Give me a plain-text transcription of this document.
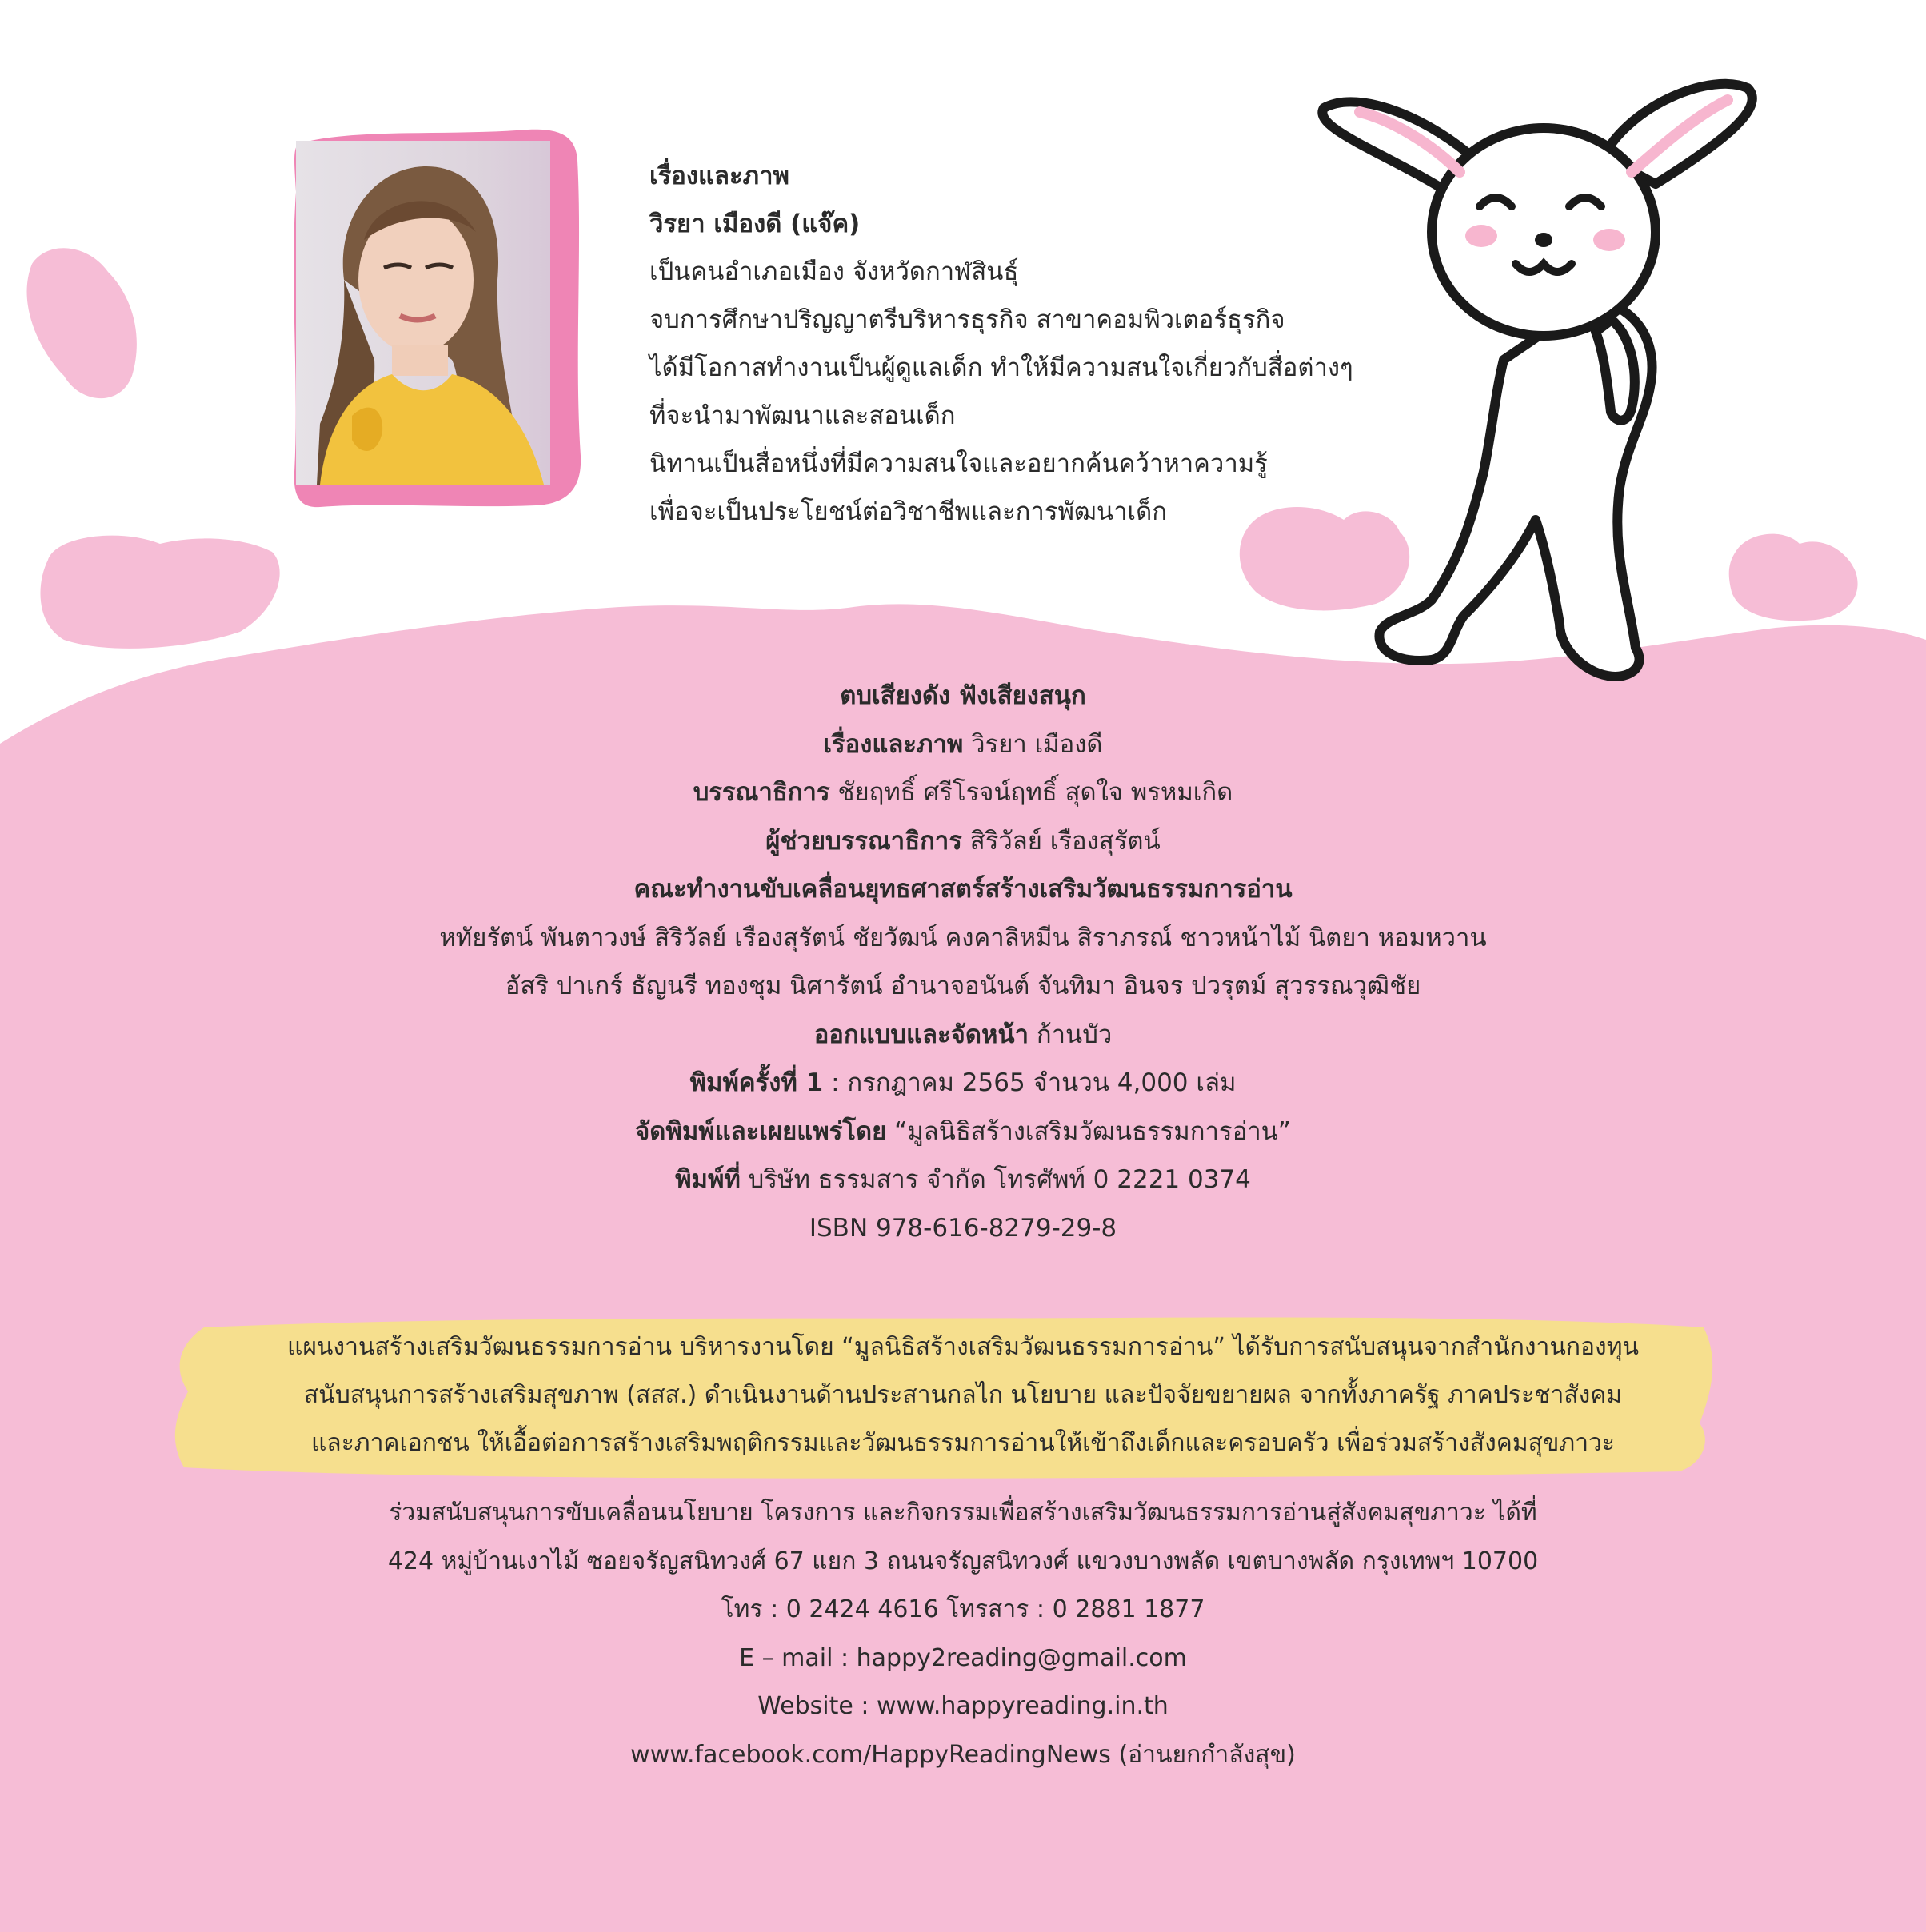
เรื่องและภาพ
วิรยา เมืองดี (แจ๊ค)
เป็นคนอำเภอเมือง จังหวัดกาฬสินธุ์
จบการศึกษาปริญญาตรีบริหารธุรกิจ สาขาคอมพิวเตอร์ธุรกิจ
ได้มีโอกาสทำงานเป็นผู้ดูแลเด็ก ทำให้มีความสนใจเกี่ยวกับสื่อต่างๆ
ที่จะนำมาพัฒนาและสอนเด็ก
นิทานเป็นสื่อหนึ่งที่มีความสนใจและอยากค้นคว้าหาความรู้
เพื่อจะเป็นประโยชน์ต่อวิชาชีพและการพัฒนาเด็ก
ตบเสียงดัง ฟังเสียงสนุก
เรื่องและภาพ วิรยา เมืองดี
บรรณาธิการ ชัยฤทธิ์ ศรีโรจน์ฤทธิ์ สุดใจ พรหมเกิด
ผู้ช่วยบรรณาธิการ สิริวัลย์ เรืองสุรัตน์
คณะทำงานขับเคลื่อนยุทธศาสตร์สร้างเสริมวัฒนธรรมการอ่าน
หทัยรัตน์ พันตาวงษ์ สิริวัลย์ เรืองสุรัตน์ ชัยวัฒน์ คงคาลิหมีน สิราภรณ์ ชาวหน้าไม้ นิตยา หอมหวาน
อัสริ ปาเกร์ ธัญนรี ทองชุม นิศารัตน์ อำนาจอนันต์ จันทิมา อินจร ปวรุตม์ สุวรรณวุฒิชัย
ออกแบบและจัดหน้า ก้านบัว
พิมพ์ครั้งที่ 1 : กรกฎาคม 2565 จำนวน 4,000 เล่ม
จัดพิมพ์และเผยแพร่โดย “มูลนิธิสร้างเสริมวัฒนธรรมการอ่าน”
พิมพ์ที่ บริษัท ธรรมสาร จำกัด โทรศัพท์ 0 2221 0374
ISBN 978-616-8279-29-8
แผนงานสร้างเสริมวัฒนธรรมการอ่าน บริหารงานโดย “มูลนิธิสร้างเสริมวัฒนธรรมการอ่าน” ได้รับการสนับสนุนจากสำนักงานกองทุน
สนับสนุนการสร้างเสริมสุขภาพ (สสส.) ดำเนินงานด้านประสานกลไก นโยบาย และปัจจัยขยายผล จากทั้งภาครัฐ ภาคประชาสังคม
และภาคเอกชน ให้เอื้อต่อการสร้างเสริมพฤติกรรมและวัฒนธรรมการอ่านให้เข้าถึงเด็กและครอบครัว เพื่อร่วมสร้างสังคมสุขภาวะ
ร่วมสนับสนุนการขับเคลื่อนนโยบาย โครงการ และกิจกรรมเพื่อสร้างเสริมวัฒนธรรมการอ่านสู่สังคมสุขภาวะ ได้ที่
424 หมู่บ้านเงาไม้ ซอยจรัญสนิทวงศ์ 67 แยก 3 ถนนจรัญสนิทวงศ์ แขวงบางพลัด เขตบางพลัด กรุงเทพฯ 10700
โทร : 0 2424 4616 โทรสาร : 0 2881 1877
E – mail : happy2reading@gmail.com
Website : www.happyreading.in.th
www.facebook.com/HappyReadingNews (อ่านยกกำลังสุข)
